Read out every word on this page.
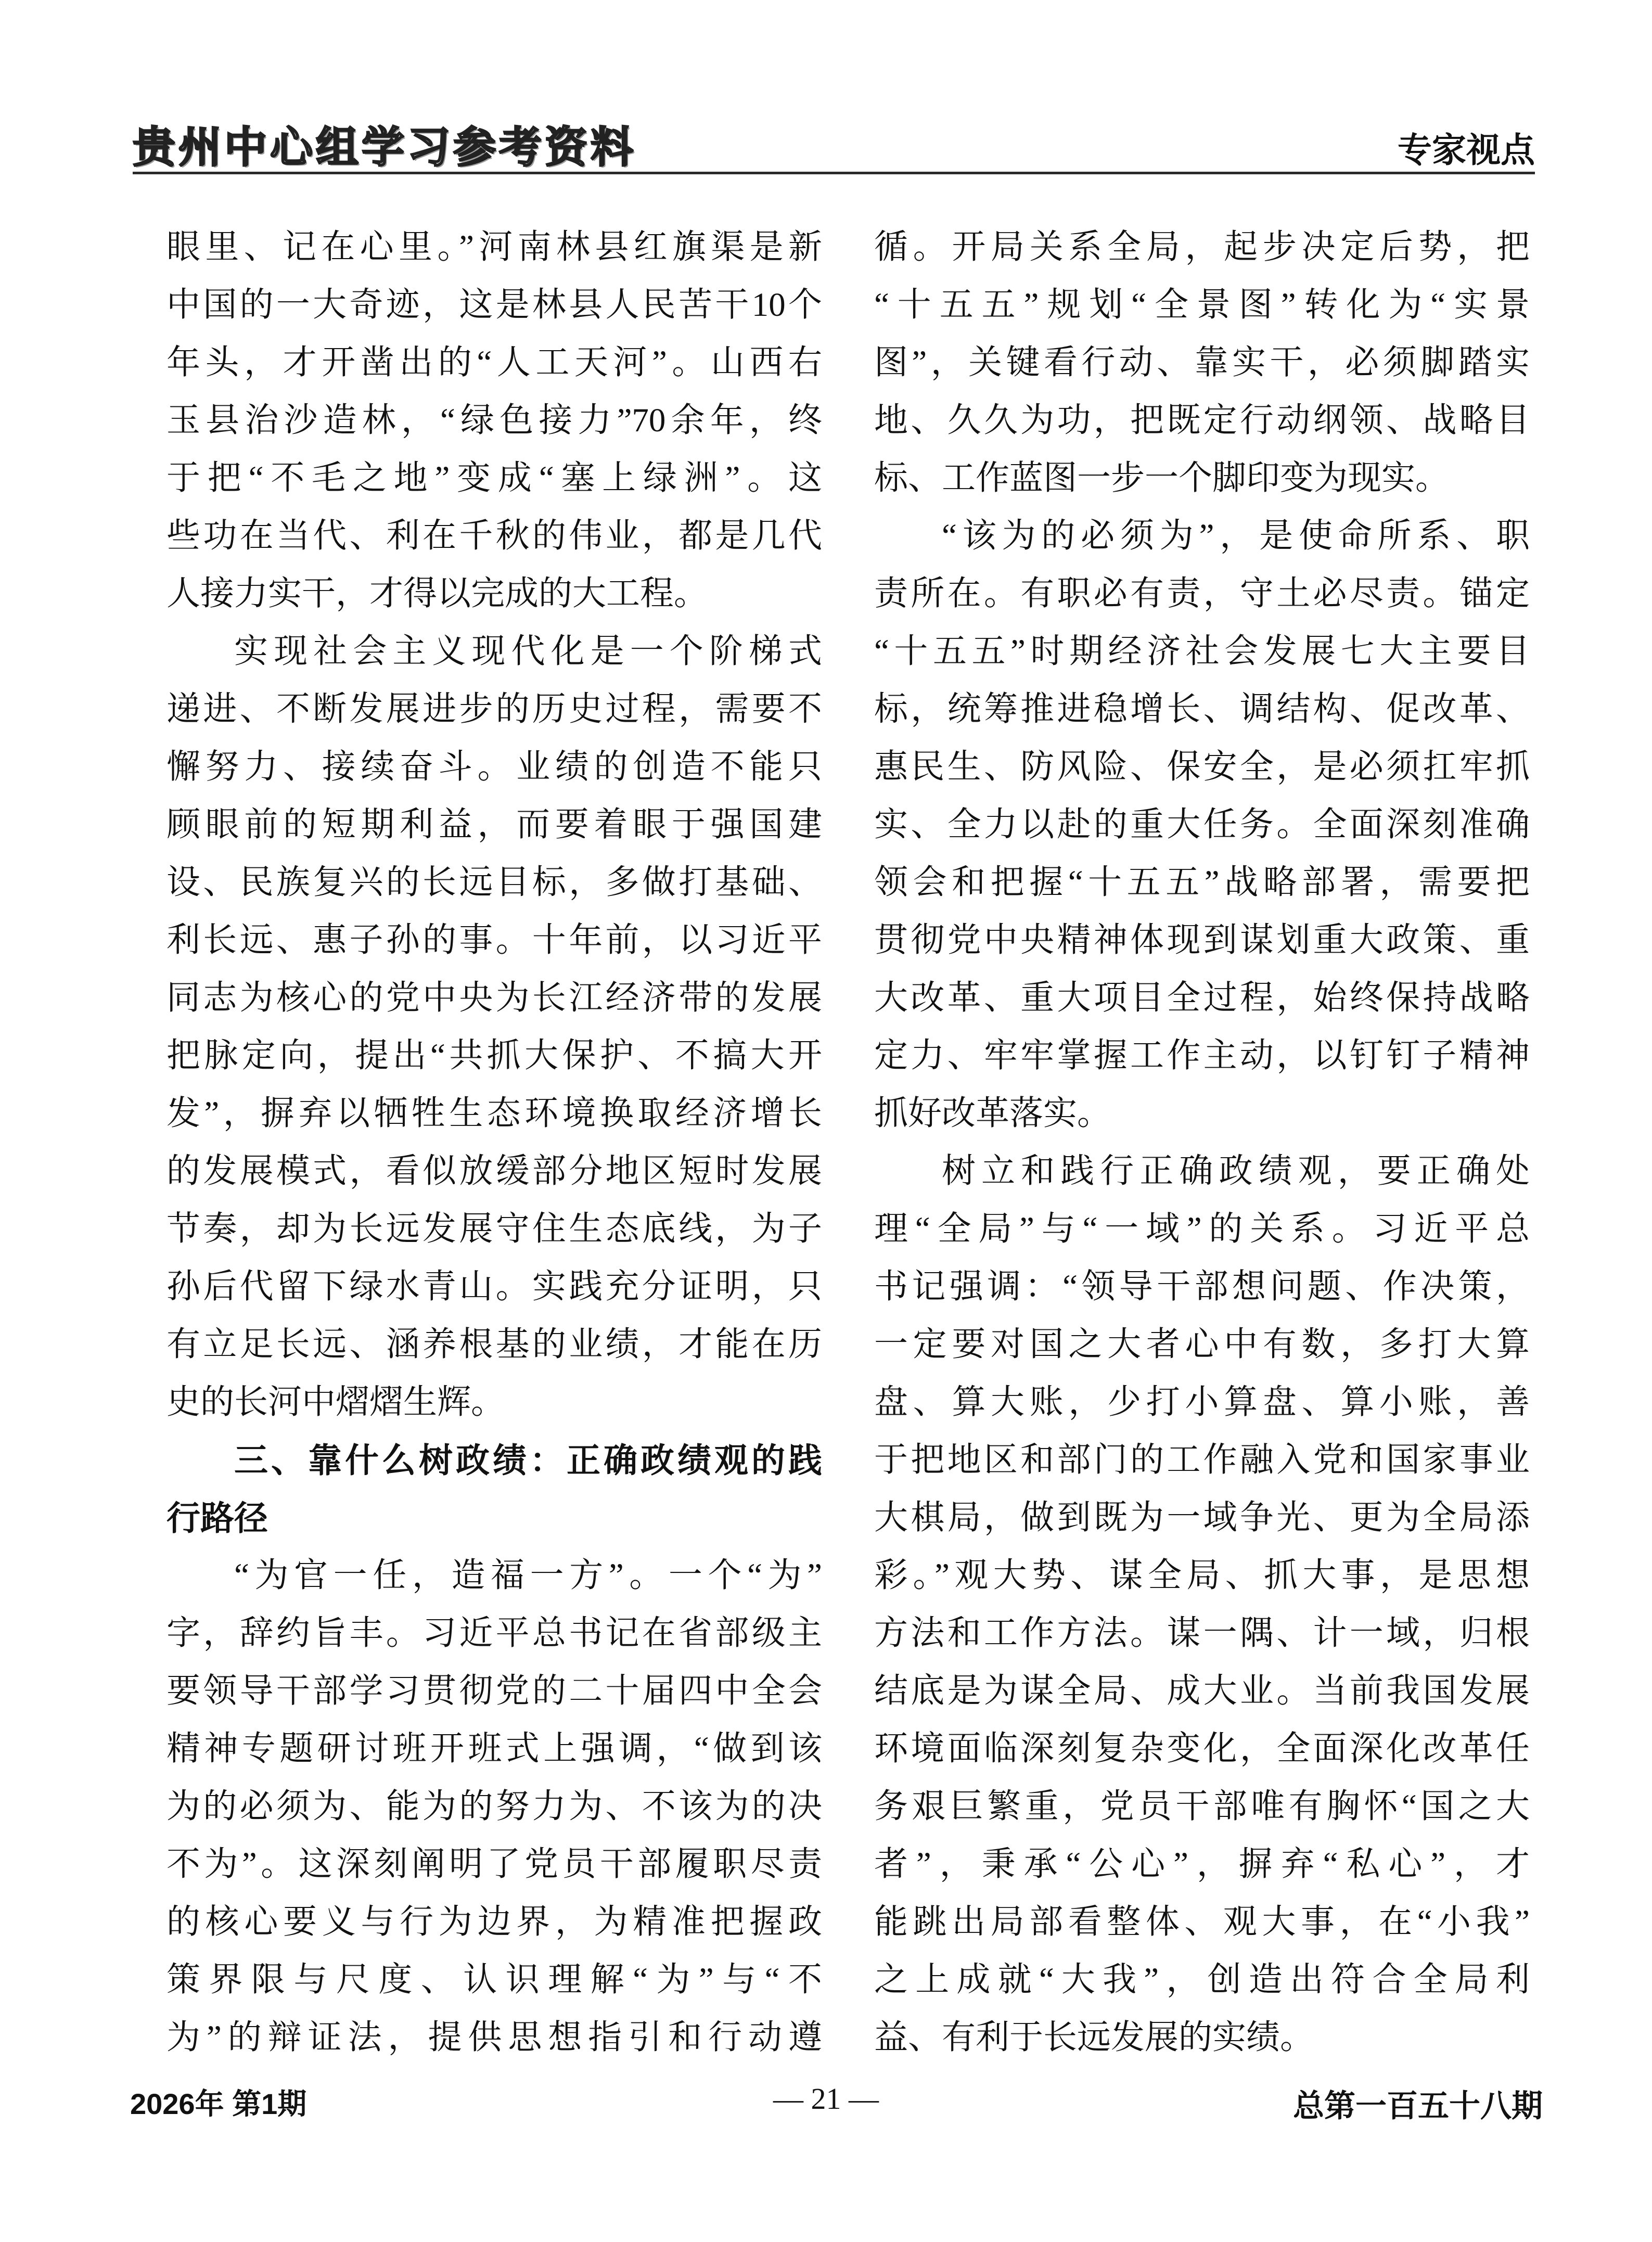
贵州中心组学习参考资料	专家视点
眼里、记在心里。”河南林县红旗渠是新
中国的一大奇迹，这是林县人民苦干10个
年头，才开凿出的“人工天河”。山西右
玉县治沙造林，“绿色接力”70余年，终
于把“不毛之地”变成“塞上绿洲”。这
些功在当代、利在千秋的伟业，都是几代
人接力实干，才得以完成的大工程。
实现社会主义现代化是一个阶梯式
递进、不断发展进步的历史过程，需要不
懈努力、接续奋斗。业绩的创造不能只
顾眼前的短期利益，而要着眼于强国建
设、民族复兴的长远目标，多做打基础、
利长远、惠子孙的事。十年前，以习近平
同志为核心的党中央为长江经济带的发展
把脉定向，提出“共抓大保护、不搞大开
发”，摒弃以牺牲生态环境换取经济增长
的发展模式，看似放缓部分地区短时发展
节奏，却为长远发展守住生态底线，为子
孙后代留下绿水青山。实践充分证明，只
有立足长远、涵养根基的业绩，才能在历
史的长河中熠熠生辉。
三、靠什么树政绩：正确政绩观的践
行路径
“为官一任，造福一方”。一个“为”
字，辞约旨丰。习近平总书记在省部级主
要领导干部学习贯彻党的二十届四中全会
精神专题研讨班开班式上强调，“做到该
为的必须为、能为的努力为、不该为的决
不为”。这深刻阐明了党员干部履职尽责
的核心要义与行为边界，为精准把握政
策界限与尺度、认识理解“为”与“不
为”的辩证法，提供思想指引和行动遵
循。开局关系全局，起步决定后势，把
“十五五”规划“全景图”转化为“实景
图”，关键看行动、靠实干，必须脚踏实
地、久久为功，把既定行动纲领、战略目
标、工作蓝图一步一个脚印变为现实。
“该为的必须为”，是使命所系、职
责所在。有职必有责，守土必尽责。锚定
“十五五”时期经济社会发展七大主要目
标，统筹推进稳增长、调结构、促改革、
惠民生、防风险、保安全，是必须扛牢抓
实、全力以赴的重大任务。全面深刻准确
领会和把握“十五五”战略部署，需要把
贯彻党中央精神体现到谋划重大政策、重
大改革、重大项目全过程，始终保持战略
定力、牢牢掌握工作主动，以钉钉子精神
抓好改革落实。
树立和践行正确政绩观，要正确处
理“全局”与“一域”的关系。习近平总
书记强调：“领导干部想问题、作决策，
一定要对国之大者心中有数，多打大算
盘、算大账，少打小算盘、算小账，善
于把地区和部门的工作融入党和国家事业
大棋局，做到既为一域争光、更为全局添
彩。”观大势、谋全局、抓大事，是思想
方法和工作方法。谋一隅、计一域，归根
结底是为谋全局、成大业。当前我国发展
环境面临深刻复杂变化，全面深化改革任
务艰巨繁重，党员干部唯有胸怀“国之大
者”，秉承“公心”，摒弃“私心”，才
能跳出局部看整体、观大事，在“小我”
之上成就“大我”，创造出符合全局利
益、有利于长远发展的实绩。
2026年 第1期	— 21 —	总第一百五十八期
